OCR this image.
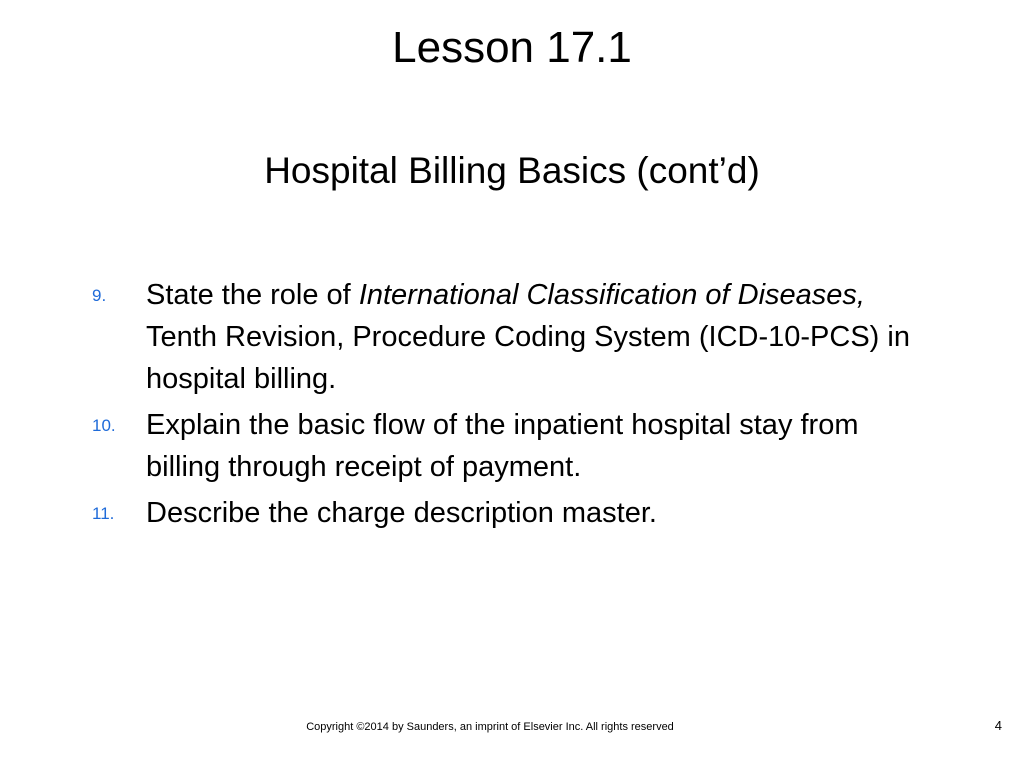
Lesson 17.1
Hospital Billing Basics (cont’d)
9. State the role of International Classification of Diseases, Tenth Revision, Procedure Coding System (ICD-10-PCS) in hospital billing.
10. Explain the basic flow of the inpatient hospital stay from billing through receipt of payment.
11. Describe the charge description master.
Copyright ©2014 by Saunders, an imprint of Elsevier Inc. All rights reserved	4
